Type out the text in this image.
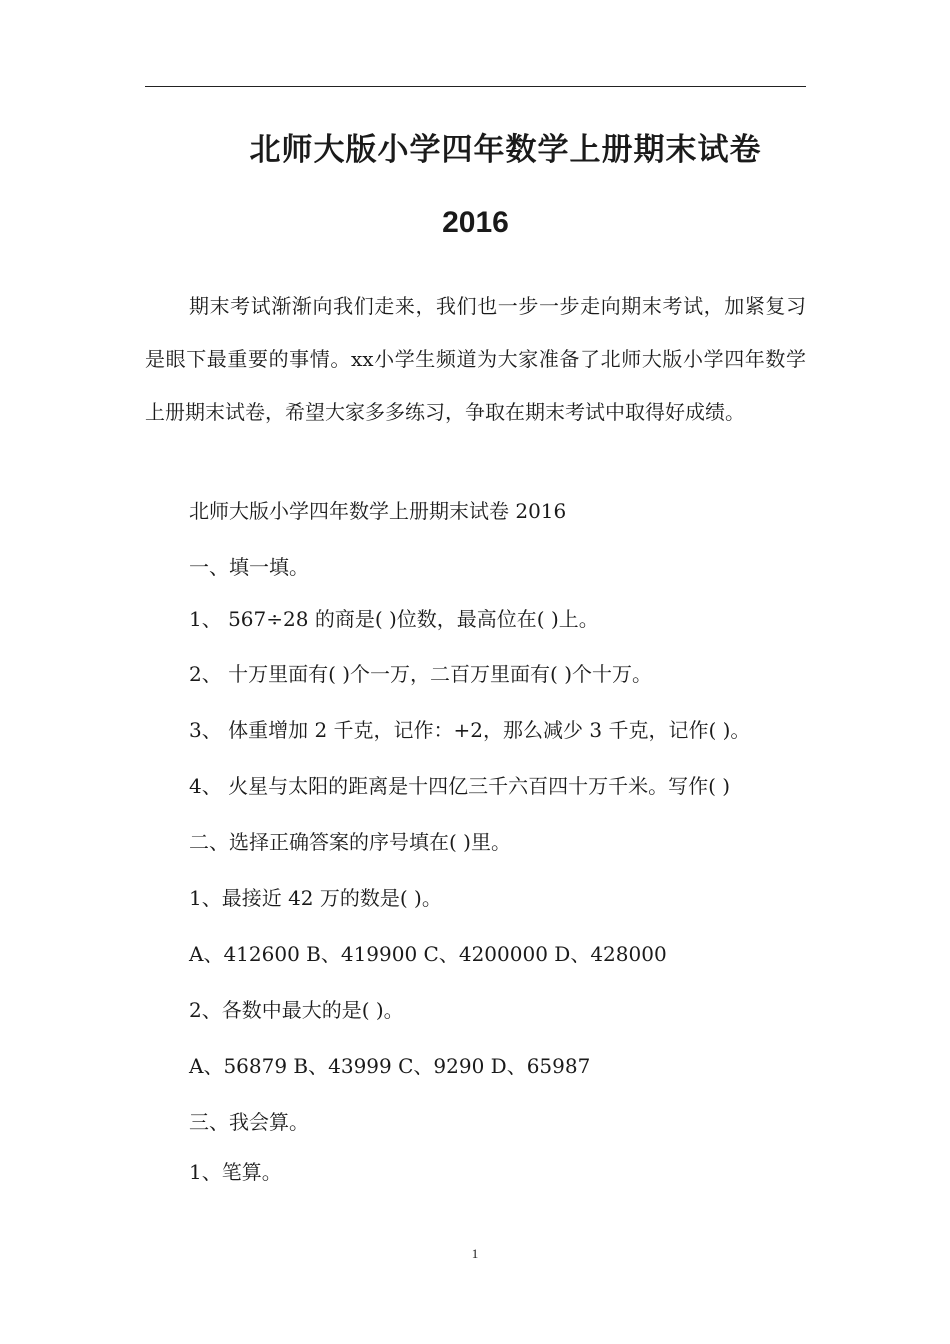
北师大版小学四年数学上册期末试卷
2016
期末考试渐渐向我们走来，我们也一步一步走向期末考试，加紧复习是眼下最重要的事情。xx小学生频道为大家准备了北师大版小学四年数学上册期末试卷，希望大家多多练习，争取在期末考试中取得好成绩。
北师大版小学四年数学上册期末试卷 2016
一、填一填。
1、 567÷28 的商是( )位数，最高位在( )上。
2、 十万里面有( )个一万，二百万里面有( )个十万。
3、 体重增加 2 千克，记作：+2，那么减少 3 千克，记作( )。
4、 火星与太阳的距离是十四亿三千六百四十万千米。写作( )
二、选择正确答案的序号填在( )里。
1、最接近 42 万的数是( )。
A、412600 B、419900 C、4200000 D、428000
2、各数中最大的是( )。
A、56879 B、43999 C、9290 D、65987
三、我会算。
1、笔算。
1
